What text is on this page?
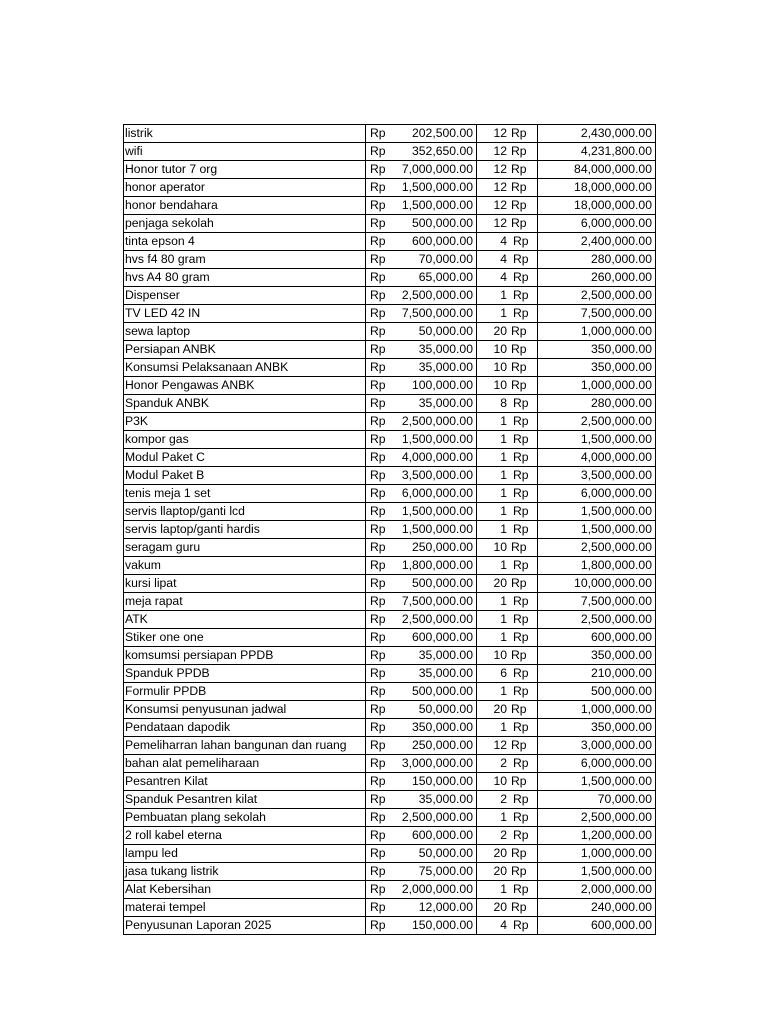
listrik	Rp 202,500.00	12 Rp	2,430,000.00

wifi	Rp 352,650.00	12 Rp	4,231,800.00

Honor tutor 7 org	Rp 7,000,000.00	12 Rp	84,000,000.00

honor aperator	Rp 1,500,000.00	12 Rp	18,000,000.00

honor bendahara	Rp 1,500,000.00	12 Rp	18,000,000.00

penjaga sekolah	Rp 500,000.00	12 Rp	6,000,000.00

tinta epson 4	Rp 600,000.00	4 Rp	2,400,000.00

hvs f4 80 gram	Rp 70,000.00	4 Rp	280,000.00

hvs A4 80 gram	Rp 65,000.00	4 Rp	260,000.00

Dispenser	Rp 2,500,000.00	1 Rp	2,500,000.00

TV LED 42 IN	Rp 7,500,000.00	1 Rp	7,500,000.00

sewa laptop	Rp 50,000.00	20 Rp	1,000,000.00

Persiapan ANBK	Rp 35,000.00	10 Rp	350,000.00

Konsumsi Pelaksanaan ANBK	Rp 35,000.00	10 Rp	350,000.00

Honor Pengawas ANBK	Rp 100,000.00	10 Rp	1,000,000.00

Spanduk ANBK	Rp 35,000.00	8 Rp	280,000.00

P3K	Rp 2,500,000.00	1 Rp	2,500,000.00

kompor gas	Rp 1,500,000.00	1 Rp	1,500,000.00

Modul Paket C	Rp 4,000,000.00	1 Rp	4,000,000.00

Modul Paket B	Rp 3,500,000.00	1 Rp	3,500,000.00

tenis meja 1 set	Rp 6,000,000.00	1 Rp	6,000,000.00

servis llaptop/ganti lcd	Rp 1,500,000.00	1 Rp	1,500,000.00

servis laptop/ganti hardis	Rp 1,500,000.00	1 Rp	1,500,000.00

seragam guru	Rp 250,000.00	10 Rp	2,500,000.00

vakum	Rp 1,800,000.00	1 Rp	1,800,000.00

kursi lipat	Rp 500,000.00	20 Rp	10,000,000.00

meja rapat	Rp 7,500,000.00	1 Rp	7,500,000.00

ATK	Rp 2,500,000.00	1 Rp	2,500,000.00

Stiker one one	Rp 600,000.00	1 Rp	600,000.00

komsumsi persiapan PPDB	Rp 35,000.00	10 Rp	350,000.00

Spanduk PPDB	Rp 35,000.00	6 Rp	210,000.00

Formulir PPDB	Rp 500,000.00	1 Rp	500,000.00

Konsumsi penyusunan jadwal	Rp 50,000.00	20 Rp	1,000,000.00

Pendataan dapodik	Rp 350,000.00	1 Rp	350,000.00

Pemeliharran lahan bangunan dan ruang	Rp 250,000.00	12 Rp	3,000,000.00

bahan alat pemeliharaan	Rp 3,000,000.00	2 Rp	6,000,000.00

Pesantren Kilat	Rp 150,000.00	10 Rp	1,500,000.00

Spanduk Pesantren kilat	Rp 35,000.00	2 Rp	70,000.00

Pembuatan plang sekolah	Rp 2,500,000.00	1 Rp	2,500,000.00

2 roll kabel eterna	Rp 600,000.00	2 Rp	1,200,000.00

lampu led	Rp 50,000.00	20 Rp	1,000,000.00

jasa tukang listrik	Rp 75,000.00	20 Rp	1,500,000.00

Alat Kebersihan	Rp 2,000,000.00	1 Rp	2,000,000.00

materai tempel	Rp 12,000.00	20 Rp	240,000.00

Penyusunan Laporan 2025	Rp 150,000.00	4 Rp	600,000.00
